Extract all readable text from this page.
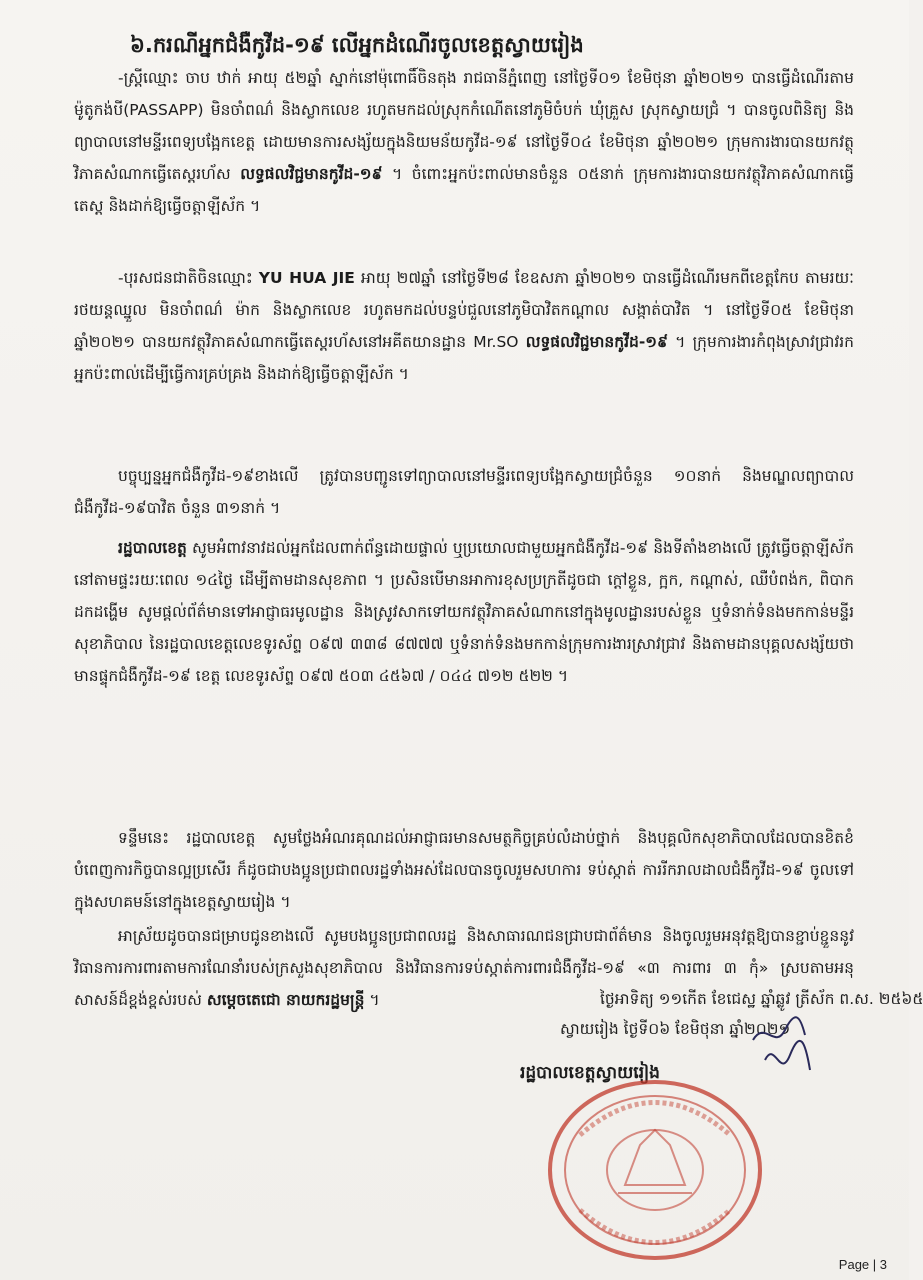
៦.ករណីអ្នកជំងឺកូវីដ-១៩ លើអ្នកដំណើរចូលខេត្តស្វាយរៀង
-ស្ត្រីឈ្មោះ ចាប ឋាក់ អាយុ ៥២ឆ្នាំ ស្នាក់នៅម៉ុពោធិ៍ចិនតុង រាជធានីភ្នំពេញ នៅថ្ងៃទី០១ ខែមិថុនា ឆ្នាំ២០២១ បានធ្វើដំណើរតាមម៉ូតូកង់បី(PASSAPP) មិនចាំពណ៌ និងស្លាកលេខ រហូតមកដល់ស្រុកកំណើតនៅភូមិចំបក់ ឃុំគ្រួស ស្រុកស្វាយជ្រំ ។ បានចូលពិនិត្យ និងព្យាបាលនៅមន្ទីរពេទ្យបង្អែកខេត្ត ដោយមានការសង្ស័យក្នុងនិយមន័យកូវីដ-១៩ នៅថ្ងៃទី០៤ ខែមិថុនា ឆ្នាំ២០២១ ក្រុមការងារបានយកវត្ថុវិភាគសំណាកធ្វើតេស្តរហ័ស លទ្ធផលវិជ្ជមានកូវីដ-១៩ ។ ចំពោះអ្នកប៉ះពាល់មានចំនួន ០៥នាក់ ក្រុមការងារបានយកវត្ថុវិភាគសំណាកធ្វើតេស្ត និងដាក់ឱ្យធ្វើចត្តាឡីស័ក ។
-បុរសជនជាតិចិនឈ្មោះ YU HUA JIE អាយុ ២៧ឆ្នាំ នៅថ្ងៃទី២៨ ខែឧសភា ឆ្នាំ២០២១ បានធ្វើដំណើរមកពីខេត្តកែប តាមរយៈរថយន្តឈ្នួល មិនចាំពណ៌ ម៉ាក និងស្លាកលេខ រហូតមកដល់បន្ទប់ជួលនៅភូមិបាវិតកណ្តាល សង្កាត់បាវិត ។ នៅថ្ងៃទី០៥ ខែមិថុនា ឆ្នាំ២០២១ បានយកវត្ថុវិភាគសំណាកធ្វើតេស្តរហ័សនៅអគីតយានដ្ឋាន Mr.SO លទ្ធផលវិជ្ជមានកូវីដ-១៩ ។ ក្រុមការងារកំពុងស្រាវជ្រាវរកអ្នកប៉ះពាល់ដើម្បីធ្វើការគ្រប់គ្រង និងដាក់ឱ្យធ្វើចត្តាឡីស័ក ។
បច្ចុប្បន្នអ្នកជំងឺកូវីដ-១៩ខាងលើ ត្រូវបានបញ្ជូនទៅព្យាបាលនៅមន្ទីរពេទ្យបង្អែកស្វាយជ្រំចំនួន ១០នាក់ និងមណ្ឌលព្យាបាលជំងឺកូវីដ-១៩បាវិត ចំនួន ៣១នាក់ ។
រដ្ឋបាលខេត្ត សូមអំពាវនាវដល់អ្នកដែលពាក់ព័ន្ធដោយផ្ទាល់ ឬប្រយោលជាមួយអ្នកជំងឺកូវីដ-១៩ និងទីតាំងខាងលើ ត្រូវធ្វើចត្តាឡីស័កនៅតាមផ្ទះរយៈពេល ១៤ថ្ងៃ ដើម្បីតាមដានសុខភាព ។ ប្រសិនបើមានអាការខុសប្រក្រតីដូចជា ក្តៅខ្លួន, ក្អក, កណ្តាស់, ឈឺបំពង់ក, ពិបាកដកដង្ហើម សូមផ្តល់ព័ត៌មានទៅអាជ្ញាធរមូលដ្ឋាន និងស្រូវសាកទៅយកវត្ថុវិភាគសំណាកនៅក្នុងមូលដ្ឋានរបស់ខ្លួន ឬទំនាក់ទំនងមកកាន់មន្ទីរសុខាភិបាល នៃរដ្ឋបាលខេត្តលេខទូរស័ព្ទ ០៩៧ ៣៣៨ ៨៧៧៧ ឬទំនាក់ទំនងមកកាន់ក្រុមការងារស្រាវជ្រាវ និងតាមដានបុគ្គលសង្ស័យថាមានផ្ទុកជំងឺកូវីដ-១៩ ខេត្ត លេខទូរស័ព្ទ ០៩៧ ៥០៣ ៤៥៦៧ / ០៤៤ ៧១២ ៥២២ ។
ទន្ទឹមនេះ រដ្ឋបាលខេត្ត សូមថ្លែងអំណរគុណដល់អាជ្ញាធរមានសមត្ថកិច្ចគ្រប់លំដាប់ថ្នាក់ និងបុគ្គលិកសុខាភិបាលដែលបានខិតខំបំពេញការកិច្ចបានល្អប្រសើរ ក៏ដូចជាបងប្អូនប្រជាពលរដ្ឋទាំងអស់ដែលបានចូលរួមសហការ ទប់ស្កាត់ ការរីករាលដាលជំងឺកូវីដ-១៩ ចូលទៅក្នុងសហគមន៍នៅក្នុងខេត្តស្វាយរៀង ។
អាស្រ័យដូចបានជម្រាបជូនខាងលើ សូមបងប្អូនប្រជាពលរដ្ឋ និងសាធារណជនជ្រាបជាព័ត៌មាន និងចូលរួមអនុវត្តឱ្យបានខ្ជាប់ខ្ជួននូវវិធានការការពារតាមការណែនាំរបស់ក្រសួងសុខាភិបាល និងវិធានការទប់ស្កាត់ការពារជំងឺកូវីដ-១៩ «៣ ការពារ ៣ កុំ» ស្របតាមអនុសាសន៍ដ៏ខ្ពង់ខ្ពស់របស់ សម្តេចតេជោ នាយករដ្ឋមន្ត្រី ។	ថ្ងៃអាទិត្យ ១១កើត ខែជេស្ឋ ឆ្នាំឆ្លូវ ត្រីស័ក ព.ស. ២៥៦៥
ស្វាយរៀង ថ្ងៃទី០៦ ខែមិថុនា ឆ្នាំ២០២១
រដ្ឋបាលខេត្តស្វាយរៀង
Page | 3
